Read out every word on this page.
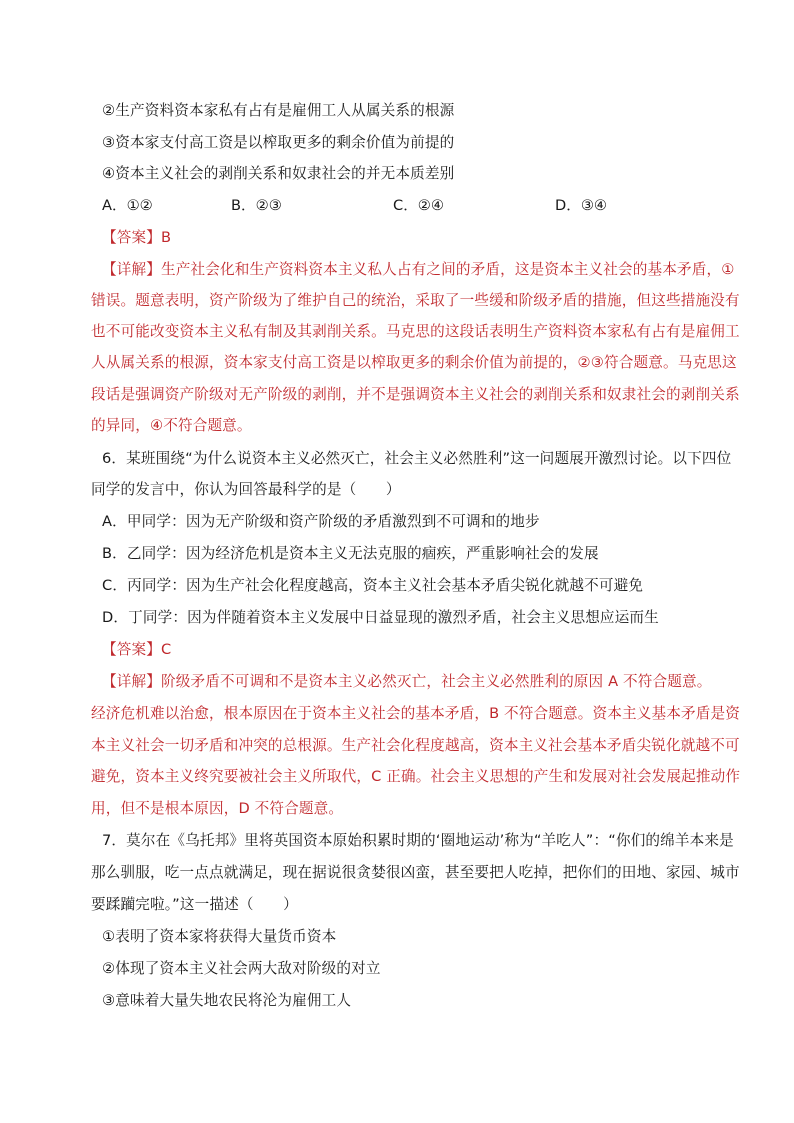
②生产资料资本家私有占有是雇佣工人从属关系的根源
③资本家支付高工资是以榨取更多的剩余价值为前提的
④资本主义社会的剥削关系和奴隶社会的并无本质差别
A．①②	B．②③	C．②④	D．③④
【答案】B
【详解】生产社会化和生产资料资本主义私人占有之间的矛盾，这是资本主义社会的基本矛盾，①
错误。题意表明，资产阶级为了维护自己的统治，采取了一些缓和阶级矛盾的措施，但这些措施没有
也不可能改变资本主义私有制及其剥削关系。马克思的这段话表明生产资料资本家私有占有是雇佣工
人从属关系的根源，资本家支付高工资是以榨取更多的剩余价值为前提的，②③符合题意。马克思这
段话是强调资产阶级对无产阶级的剥削，并不是强调资本主义社会的剥削关系和奴隶社会的剥削关系
的异同，④不符合题意。
6．某班围绕“为什么说资本主义必然灭亡，社会主义必然胜利”这一问题展开激烈讨论。以下四位
同学的发言中，你认为回答最科学的是（　　）
A．甲同学：因为无产阶级和资产阶级的矛盾激烈到不可调和的地步
B．乙同学：因为经济危机是资本主义无法克服的痼疾，严重影响社会的发展
C．丙同学：因为生产社会化程度越高，资本主义社会基本矛盾尖锐化就越不可避免
D．丁同学：因为伴随着资本主义发展中日益显现的激烈矛盾，社会主义思想应运而生
【答案】C
【详解】阶级矛盾不可调和不是资本主义必然灭亡，社会主义必然胜利的原因 A 不符合题意。
经济危机难以治愈，根本原因在于资本主义社会的基本矛盾，B 不符合题意。资本主义基本矛盾是资
本主义社会一切矛盾和冲突的总根源。生产社会化程度越高，资本主义社会基本矛盾尖锐化就越不可
避免，资本主义终究要被社会主义所取代，C 正确。社会主义思想的产生和发展对社会发展起推动作
用，但不是根本原因，D 不符合题意。
7．莫尔在《乌托邦》里将英国资本原始积累时期的‘圈地运动’称为“羊吃人”：“你们的绵羊本来是
那么驯服，吃一点点就满足，现在据说很贪婪很凶蛮，甚至要把人吃掉，把你们的田地、家园、城市
要蹂躏完啦。”这一描述（　　）
①表明了资本家将获得大量货币资本
②体现了资本主义社会两大敌对阶级的对立
③意味着大量失地农民将沦为雇佣工人
